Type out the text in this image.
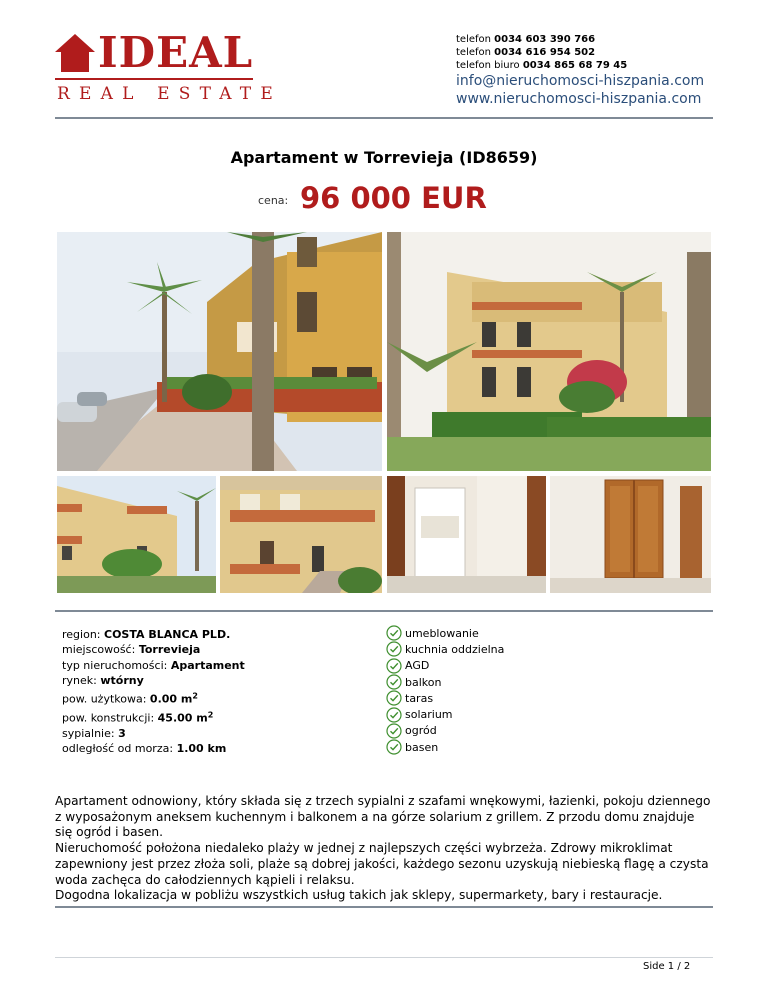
IDEAL
REAL ESTATE
telefon 0034 603 390 766
telefon 0034 616 954 502
telefon biuro 0034 865 68 79 45
info@nieruchomosci-hiszpania.com
www.nieruchomosci-hiszpania.com
Apartament w Torrevieja (ID8659)
cena: 96 000 EUR
region: COSTA BLANCA PLD.
miejscowość: Torrevieja
typ nieruchomości: Apartament
rynek: wtórny
pow. użytkowa: 0.00 $m^2$
pow. konstrukcji: 45.00 $m^2$
sypialnie: 3
odległość od morza: 1.00 km
umeblowanie
kuchnia oddzielna
AGD
balkon
taras
solarium
ogród
basen

Apartament odnowiony, który składa się z trzech sypialni z szafami wnękowymi, łazienki, pokoju dziennego z wyposażonym aneksem kuchennym i balkonem a na górze solarium z grillem. Z przodu domu znajduje się ogród i basen.

Nieruchomość położona niedaleko plaży w jednej z najlepszych części wybrzeża. Zdrowy mikroklimat zapewniony jest przez złoża soli, plaże są dobrej jakości, każdego sezonu uzyskują niebieską flagę a czysta woda zachęca do całodziennych kąpieli i relaksu.

Dogodna lokalizacja w pobliżu wszystkich usług takich jak sklepy, supermarkety, bary i restauracje.

Side 1 / 2
